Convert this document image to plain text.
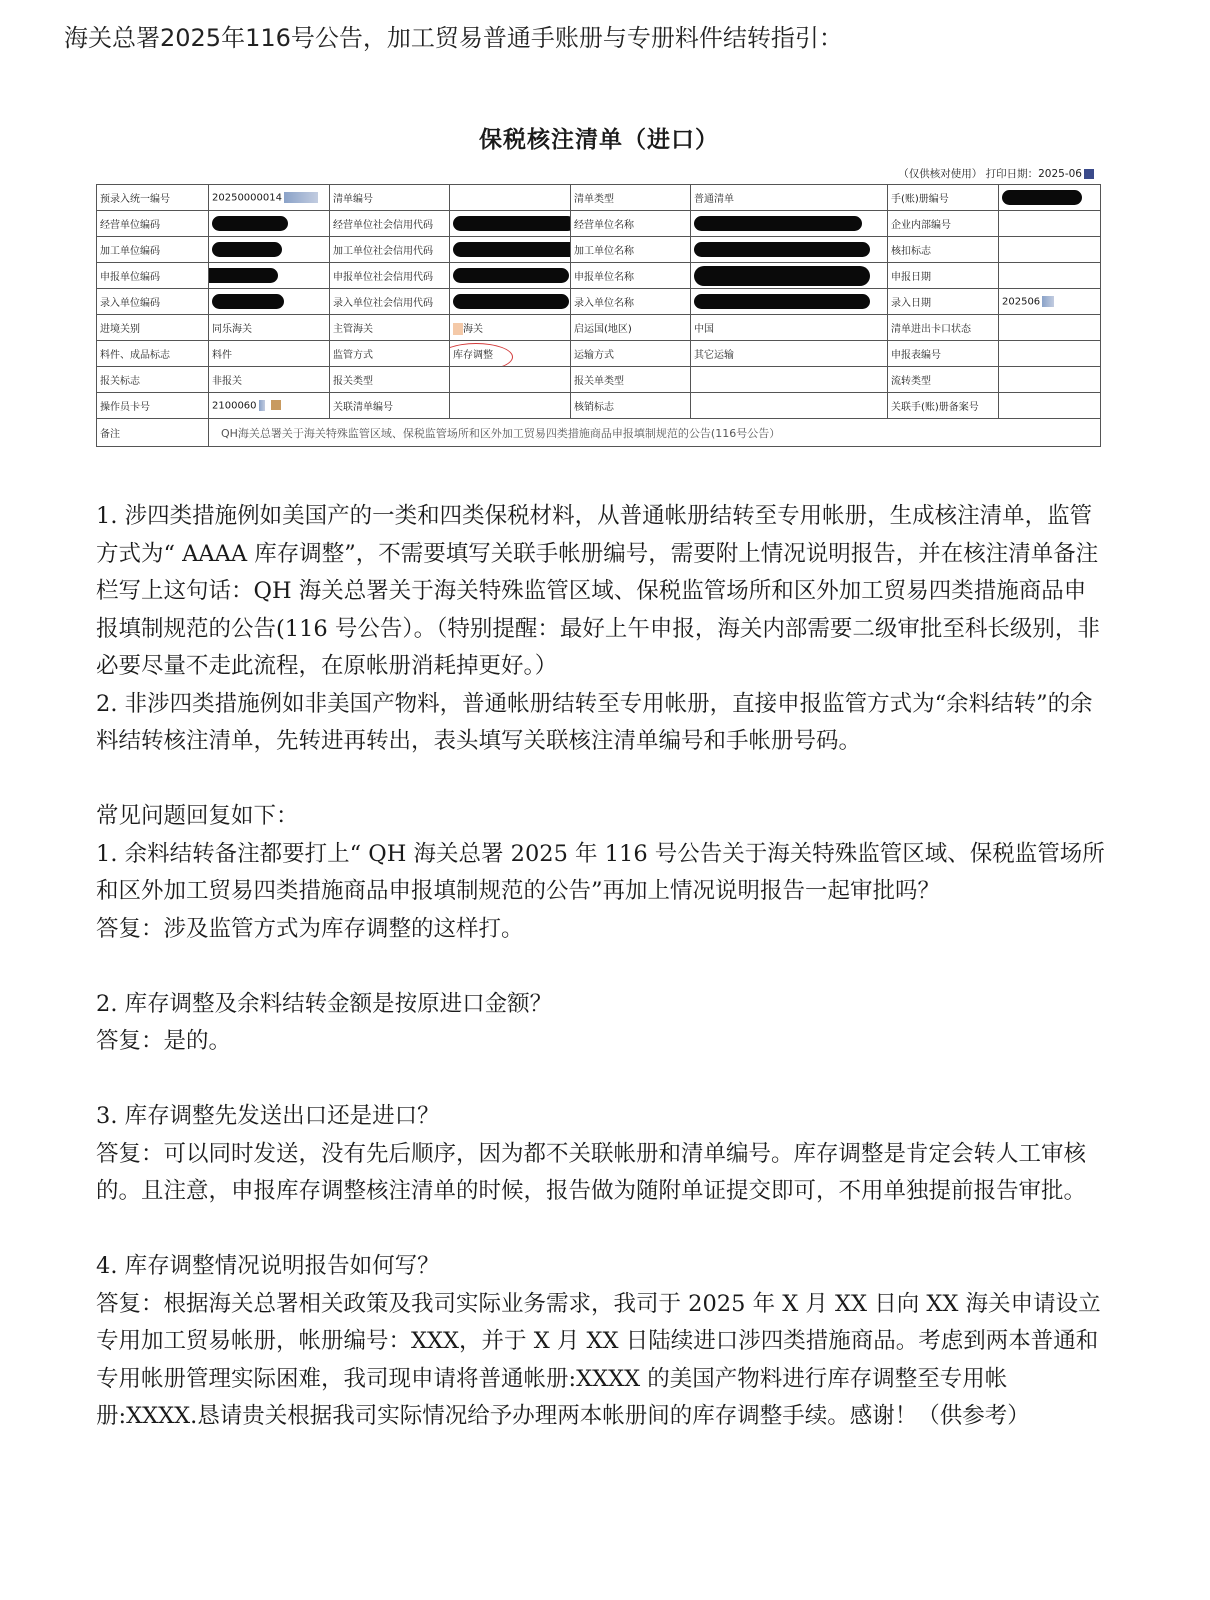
海关总署2025年116号公告，加工贸易普通手账册与专册料件结转指引：
保税核注清单（进口）
（仅供核对使用） 打印日期：2025-06
预录入统一编号	20250000014	清单编号		清单类型	普通清单	手(账)册编号	
经营单位编码		经营单位社会信用代码		经营单位名称		企业内部编号	
加工单位编码		加工单位社会信用代码		加工单位名称		核扣标志	
申报单位编码		申报单位社会信用代码		申报单位名称		申报日期	
录入单位编码		录入单位社会信用代码		录入单位名称		录入日期	202506
进境关别	同乐海关	主管海关	海关	启运国(地区)	中国	清单进出卡口状态	
料件、成品标志	料件	监管方式	库存调整	运输方式	其它运输	申报表编号	
报关标志	非报关	报关类型		报关单类型		流转类型	
操作员卡号	2100060	关联清单编号		核销标志		关联手(账)册备案号	
备注	QH海关总署关于海关特殊监管区域、保税监管场所和区外加工贸易四类措施商品申报填制规范的公告(116号公告）						

1. 涉四类措施例如美国产的一类和四类保税材料，从普通帐册结转至专用帐册，生成核注清单，监管方式为“ AAAA 库存调整”，不需要填写关联手帐册编号，需要附上情况说明报告，并在核注清单备注栏写上这句话：QH 海关总署关于海关特殊监管区域、保税监管场所和区外加工贸易四类措施商品申报填制规范的公告(116 号公告）。（特别提醒：最好上午申报，海关内部需要二级审批至科长级别，非必要尽量不走此流程，在原帐册消耗掉更好。）

2. 非涉四类措施例如非美国产物料，普通帐册结转至专用帐册，直接申报监管方式为“余料结转”的余料结转核注清单，先转进再转出，表头填写关联核注清单编号和手帐册号码。

常见问题回复如下：

1. 余料结转备注都要打上“ QH 海关总署 2025 年 116 号公告关于海关特殊监管区域、保税监管场所和区外加工贸易四类措施商品申报填制规范的公告”再加上情况说明报告一起审批吗？

答复：涉及监管方式为库存调整的这样打。

2. 库存调整及余料结转金额是按原进口金额？

答复：是的。

3. 库存调整先发送出口还是进口？

答复：可以同时发送，没有先后顺序，因为都不关联帐册和清单编号。库存调整是肯定会转人工审核的。且注意，申报库存调整核注清单的时候，报告做为随附单证提交即可，不用单独提前报告审批。

4. 库存调整情况说明报告如何写？

答复：根据海关总署相关政策及我司实际业务需求，我司于 2025 年 X 月 XX 日向 XX 海关申请设立专用加工贸易帐册，帐册编号：XXX，并于 X 月 XX 日陆续进口涉四类措施商品。考虑到两本普通和专用帐册管理实际困难，我司现申请将普通帐册:XXXX 的美国产物料进行库存调整至专用帐册:XXXX.恳请贵关根据我司实际情况给予办理两本帐册间的库存调整手续。感谢！（供参考）
